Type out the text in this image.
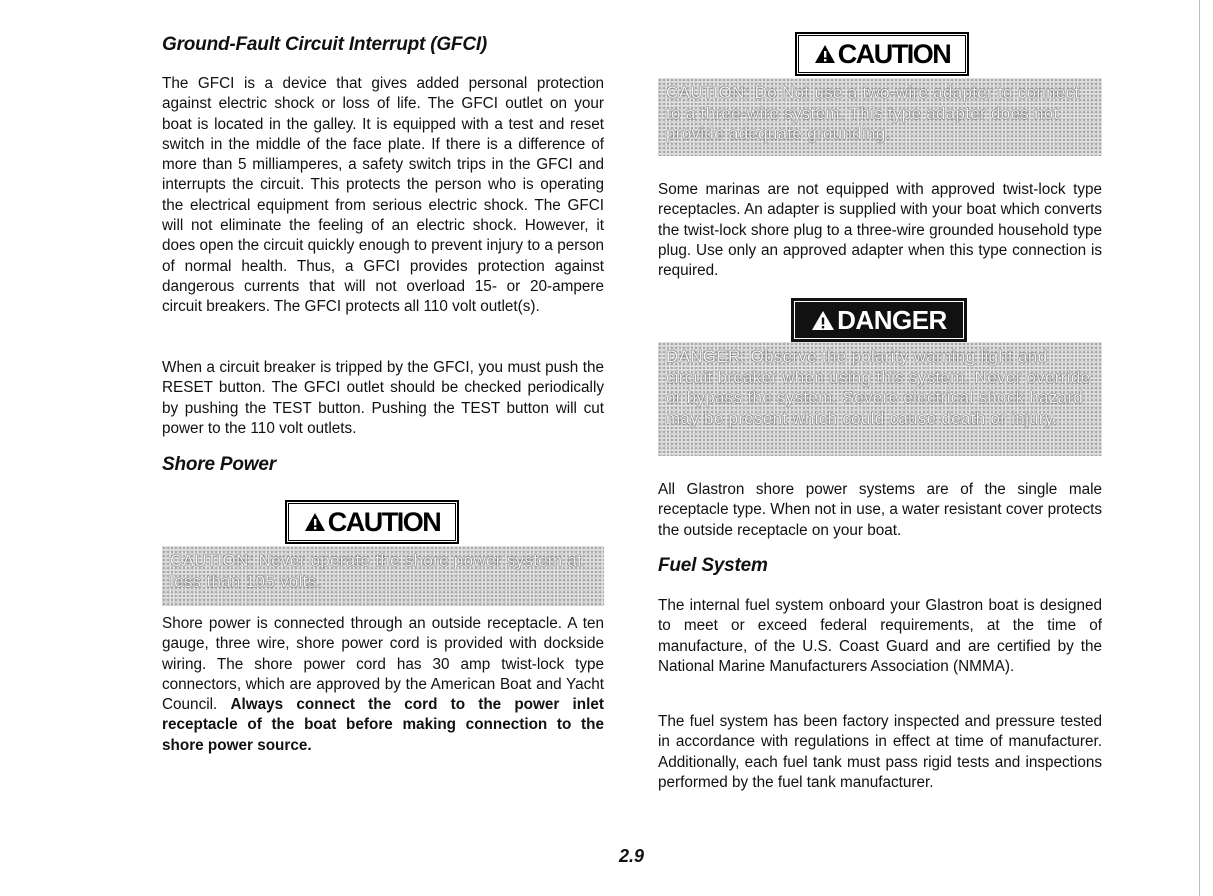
Ground-Fault Circuit Interrupt (GFCI)

The GFCI is a device that gives added personal protection against electric shock or loss of life. The GFCI outlet on your boat is located in the galley. It is equipped with a test and reset switch in the middle of the face plate. If there is a difference of more than 5 milliamperes, a safety switch trips in the GFCI and interrupts the circuit. This protects the person who is operating the electrical equipment from serious electric shock. The GFCI will not eliminate the feeling of an electric shock. However, it does open the circuit quickly enough to prevent injury to a person of normal health. Thus, a GFCI provides protection against dangerous currents that will not overload 15- or 20-ampere circuit breakers. The GFCI protects all 110 volt outlet(s).

When a circuit breaker is tripped by the GFCI, you must push the RESET button. The GFCI outlet should be checked periodically by pushing the TEST button. Pushing the TEST button will cut power to the 110 volt outlets.

Shore Power
CAUTION
CAUTION: Never operate the shore power system at less than 105 volts.

Shore power is connected through an outside receptacle. A ten gauge, three wire, shore power cord is provided with dockside wiring. The shore power cord has 30 amp twist-lock type connectors, which are approved by the American Boat and Yacht Council. Always connect the cord to the power inlet receptacle of the boat before making connection to the shore power source.

CAUTION
CAUTION: Do Not use a two-wire adapter to connect to a three-wire system. This type adapter does not provide adequate grounding.

Some marinas are not equipped with approved twist-lock type receptacles. An adapter is supplied with your boat which converts the twist-lock shore plug to a three-wire grounded household type plug. Use only an approved adapter when this type connection is required.

DANGER
DANGER: Observe the polarity warning light and circuit breaker when using this system. Never override or bypass the system. Severe electrical shock hazard may be present which could cause death or injury.

All Glastron shore power systems are of the single male receptacle type. When not in use, a water resistant cover protects the outside receptacle on your boat.

Fuel System

The internal fuel system onboard your Glastron boat is designed to meet or exceed federal requirements, at the time of manufacture, of the U.S. Coast Guard and are certified by the National Marine Manufacturers Association (NMMA).

The fuel system has been factory inspected and pressure tested in accordance with regulations in effect at time of manufacturer. Additionally, each fuel tank must pass rigid tests and inspections performed by the fuel tank manufacturer.

2.9
